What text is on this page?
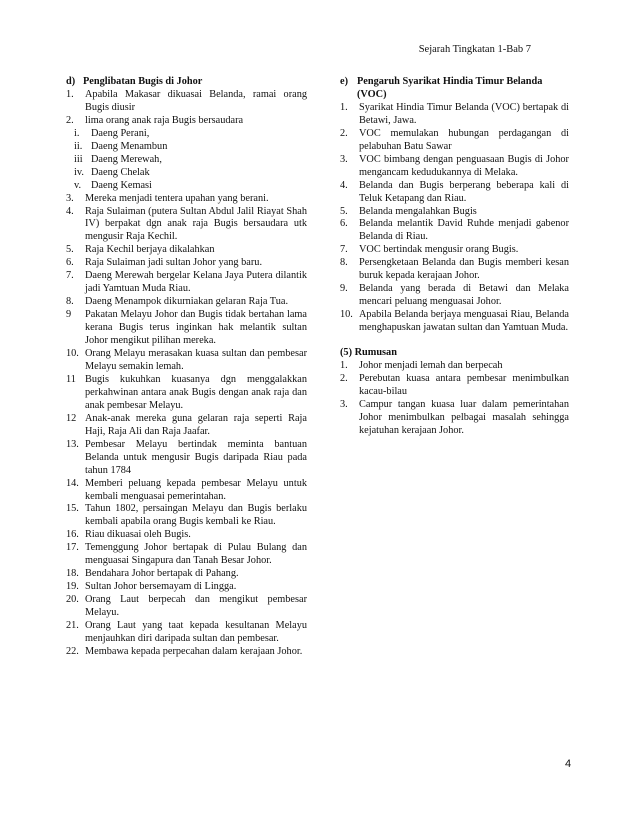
Sejarah Tingkatan 1-Bab 7
d) Penglibatan Bugis di Johor
1.	Apabila Makasar dikuasai Belanda, ramai orang Bugis diusir
2.	lima orang anak raja Bugis bersaudara
i.	Daeng Perani,
ii. Daeng Menambun
iii Daeng Merewah,
iv. Daeng Chelak
v. Daeng Kemasi
3.	Mereka menjadi tentera upahan yang berani.
4.	Raja Sulaiman (putera Sultan Abdul Jalil Riayat Shah IV) berpakat dgn anak raja Bugis bersaudara utk mengusir Raja Kechil.
5.	Raja Kechil berjaya dikalahkan
6.	Raja Sulaiman jadi sultan Johor yang baru.
7.	Daeng Merewah bergelar Kelana Jaya Putera dilantik jadi Yamtuan Muda Riau.
8.	Daeng Menampok dikurniakan gelaran Raja Tua.
9	Pakatan Melayu Johor dan Bugis tidak bertahan lama kerana Bugis terus inginkan hak melantik sultan Johor mengikut pilihan mereka.
10. Orang Melayu merasakan kuasa sultan dan pembesar Melayu semakin lemah.
11 Bugis kukuhkan kuasanya dgn menggalakkan perkahwinan antara anak Bugis dengan anak raja dan anak pembesar Melayu.
12 Anak-anak mereka guna gelaran raja seperti Raja Haji, Raja Ali dan Raja Jaafar.
13. Pembesar Melayu bertindak meminta bantuan Belanda untuk mengusir Bugis daripada Riau pada tahun 1784
14. Memberi peluang kepada pembesar Melayu untuk kembali menguasai pemerintahan.
15. Tahun 1802, persaingan Melayu dan Bugis berlaku kembali apabila orang Bugis kembali ke Riau.
16. Riau dikuasai oleh Bugis.
17. Temenggung Johor bertapak di Pulau Bulang dan menguasai Singapura dan Tanah Besar Johor.
18. Bendahara Johor bertapak di Pahang.
19. Sultan Johor bersemayam di Lingga.
20. Orang Laut berpecah dan mengikut pembesar Melayu.
21. Orang Laut yang taat kepada kesultanan Melayu menjauhkan diri daripada sultan dan pembesar.
22. Membawa kepada perpecahan dalam kerajaan Johor.
e) Pengaruh Syarikat Hindia Timur Belanda (VOC)
1.	Syarikat Hindia Timur Belanda (VOC) bertapak di Betawi, Jawa.
2.	VOC memulakan hubungan perdagangan di pelabuhan Batu Sawar
3.	VOC bimbang dengan penguasaan Bugis di Johor mengancam kedudukannya di Melaka.
4.	Belanda dan Bugis berperang beberapa kali di Teluk Ketapang dan Riau.
5.	Belanda mengalahkan Bugis
6.	Belanda melantik David Ruhde menjadi gabenor Belanda di Riau.
7.	VOC bertindak mengusir orang Bugis.
8.	Persengketaan Belanda dan Bugis memberi kesan buruk kepada kerajaan Johor.
9.	Belanda yang berada di Betawi dan Melaka mencari peluang menguasai Johor.
10. Apabila Belanda berjaya menguasai Riau, Belanda menghapuskan jawatan sultan dan Yamtuan Muda.
(5) Rumusan
1.	Johor menjadi lemah dan berpecah
2.	Perebutan kuasa antara pembesar menimbulkan kacau-bilau
3.	Campur tangan kuasa luar dalam pemerintahan Johor menimbulkan pelbagai masalah sehingga kejatuhan kerajaan Johor.
4
